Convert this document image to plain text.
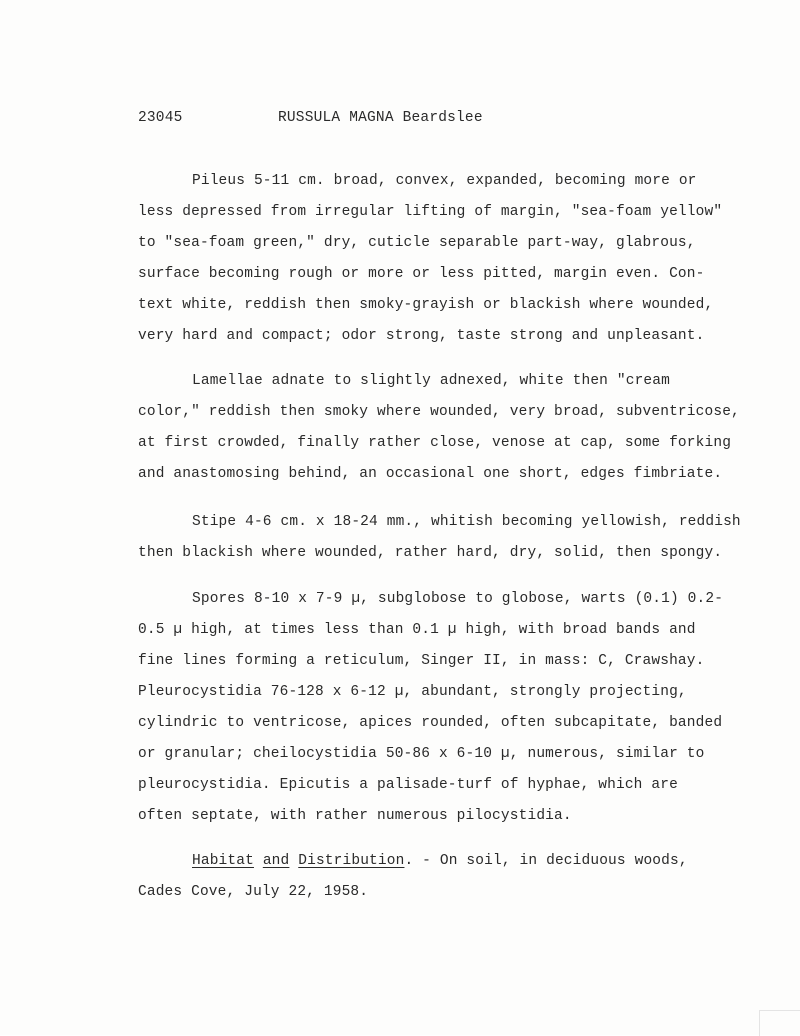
23045	RUSSULA MAGNA Beardslee

Pileus 5-11 cm. broad, convex, expanded, becoming more or
less depressed from irregular lifting of margin, "sea-foam yellow"
to "sea-foam green," dry, cuticle separable part-way, glabrous,
surface becoming rough or more or less pitted, margin even. Con-
text white, reddish then smoky-grayish or blackish where wounded,
very hard and compact; odor strong, taste strong and unpleasant.

Lamellae adnate to slightly adnexed, white then "cream
color," reddish then smoky where wounded, very broad, subventricose,
at first crowded, finally rather close, venose at cap, some forking
and anastomosing behind, an occasional one short, edges fimbriate.

Stipe 4-6 cm. x 18-24 mm., whitish becoming yellowish, reddish
then blackish where wounded, rather hard, dry, solid, then spongy.

Spores 8-10 x 7-9 µ, subglobose to globose, warts (0.1) 0.2-
0.5 µ high, at times less than 0.1 µ high, with broad bands and
fine lines forming a reticulum, Singer II, in mass: C, Crawshay.
Pleurocystidia 76-128 x 6-12 µ, abundant, strongly projecting,
cylindric to ventricose, apices rounded, often subcapitate, banded
or granular; cheilocystidia 50-86 x 6-10 µ, numerous, similar to
pleurocystidia. Epicutis a palisade-turf of hyphae, which are
often septate, with rather numerous pilocystidia.

Habitat and Distribution. - On soil, in deciduous woods,
Cades Cove, July 22, 1958.
